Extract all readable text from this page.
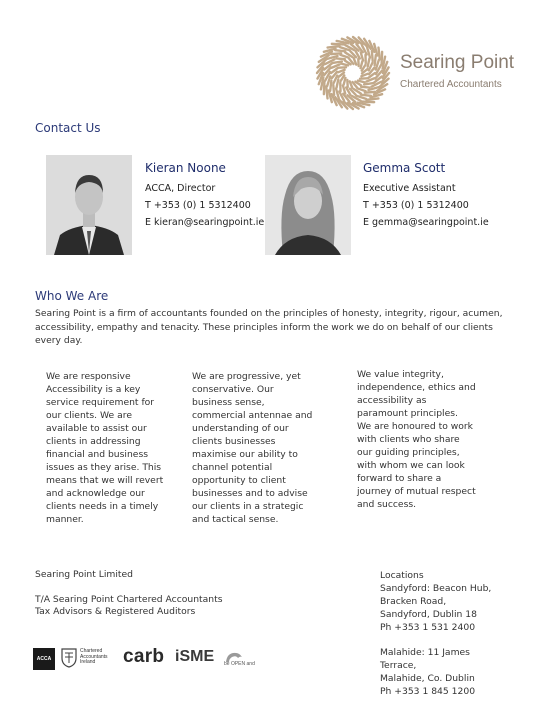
Searing Point
Chartered Accountants
Contact Us
Kieran Noone
ACCA, Director
T +353 (0) 1 5312400
E kieran@searingpoint.ie
Gemma Scott
Executive Assistant
T +353 (0) 1 5312400
E gemma@searingpoint.ie
Who We Are
Searing Point is a firm of accountants founded on the principles of honesty, integrity, rigour, acumen, accessibility, empathy and tenacity. These principles inform the work we do on behalf of our clients every day.
We are responsive
Accessibility is a key
service requirement for
our clients. We are
available to assist our
clients in addressing
financial and business
issues as they arise. This
means that we will revert
and acknowledge our
clients needs in a timely
manner.
We are progressive, yet
conservative. Our
business sense,
commercial antennae and
understanding of our
clients businesses
maximise our ability to
channel potential
opportunity to client
businesses and to advise
our clients in a strategic
and tactical sense.
We value integrity,
independence, ethics and
accessibility as
paramount principles.
We are honoured to work
with clients who share
our guiding principles,
with whom we can look
forward to share a
journey of mutual respect
and success.
Searing Point Limited
T/A Searing Point Chartered Accountants
Tax Advisors & Registered Auditors
Locations
Sandyford: Beacon Hub,
Bracken Road,
Sandyford, Dublin 18
Ph +353 1 531 2400
Malahide: 11 James
Terrace,
Malahide, Co. Dublin
Ph +353 1 845 1200
ACCA
Chartered
Accountants
Ireland	carb iSME be OPEN and
